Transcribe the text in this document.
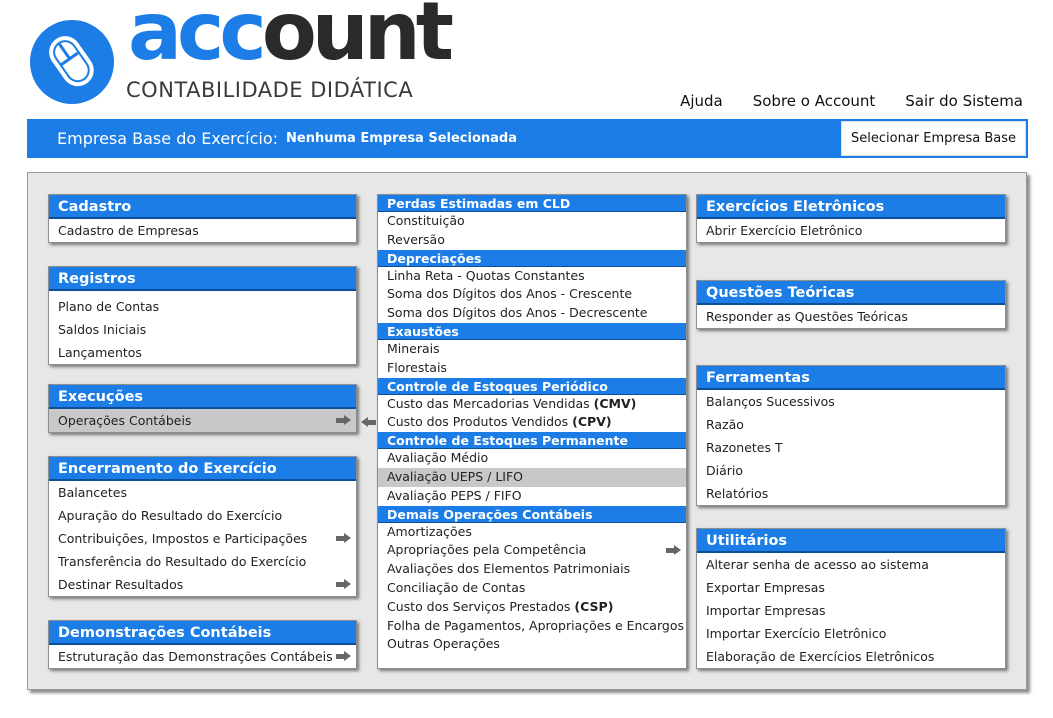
account
CONTABILIDADE DIDÁTICA	Ajuda Sobre o Account Sair do Sistema
Empresa Base do Exercício: Nenhuma Empresa Selecionada	Selecionar Empresa Base
Cadastro
Cadastro de Empresas
Registros
Plano de Contas
Saldos Iniciais
Lançamentos
Execuções
Operações Contábeis
Encerramento do Exercício
Balancetes
Apuração do Resultado do Exercício
Contribuições, Impostos e Participações
Transferência do Resultado do Exercício
Destinar Resultados
Demonstrações Contábeis
Estruturação das Demonstrações Contábeis
Perdas Estimadas em CLD
Constituição
Reversão
Depreciações
Linha Reta - Quotas Constantes
Soma dos Dígitos dos Anos - Crescente
Soma dos Dígitos dos Anos - Decrescente
Exaustões
Minerais
Florestais
Controle de Estoques Periódico
Custo das Mercadorias Vendidas (CMV)
Custo dos Produtos Vendidos (CPV)
Controle de Estoques Permanente
Avaliação Médio
Avaliação UEPS / LIFO
Avaliação PEPS / FIFO
Demais Operações Contábeis
Amortizações
Apropriações pela Competência
Avaliações dos Elementos Patrimoniais
Conciliação de Contas
Custo dos Serviços Prestados (CSP)
Folha de Pagamentos, Apropriações e Encargos
Outras Operações
Exercícios Eletrônicos
Abrir Exercício Eletrônico
Questões Teóricas
Responder as Questões Teóricas
Ferramentas
Balanços Sucessivos
Razão
Razonetes T
Diário
Relatórios
Utilitários
Alterar senha de acesso ao sistema
Exportar Empresas
Importar Empresas
Importar Exercício Eletrônico
Elaboração de Exercícios Eletrônicos
